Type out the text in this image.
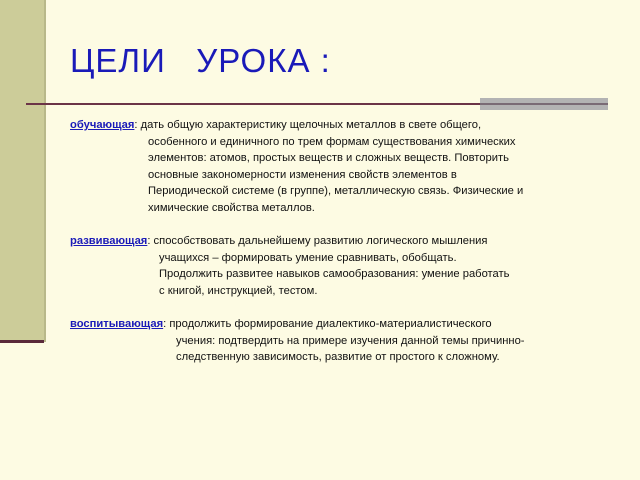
ЦЕЛИ   УРОКА :
обучающая: дать общую характеристику щелочных металлов в свете общего,
особенного и единичного по трем формам существования химических
элементов: атомов, простых веществ и сложных веществ. Повторить
основные закономерности изменения свойств элементов в
Периодической системе (в группе), металлическую связь. Физические и
химические свойства металлов.
развивающая: способствовать дальнейшему развитию логического мышления
учащихся – формировать умение сравнивать, обобщать.
Продолжить развитее навыков самообразования: умение работать
с книгой, инструкцией, тестом.
воспитывающая: продолжить формирование диалектико-материалистического
учения: подтвердить на примере изучения данной темы причинно-
следственную зависимость, развитие от простого к сложному.
